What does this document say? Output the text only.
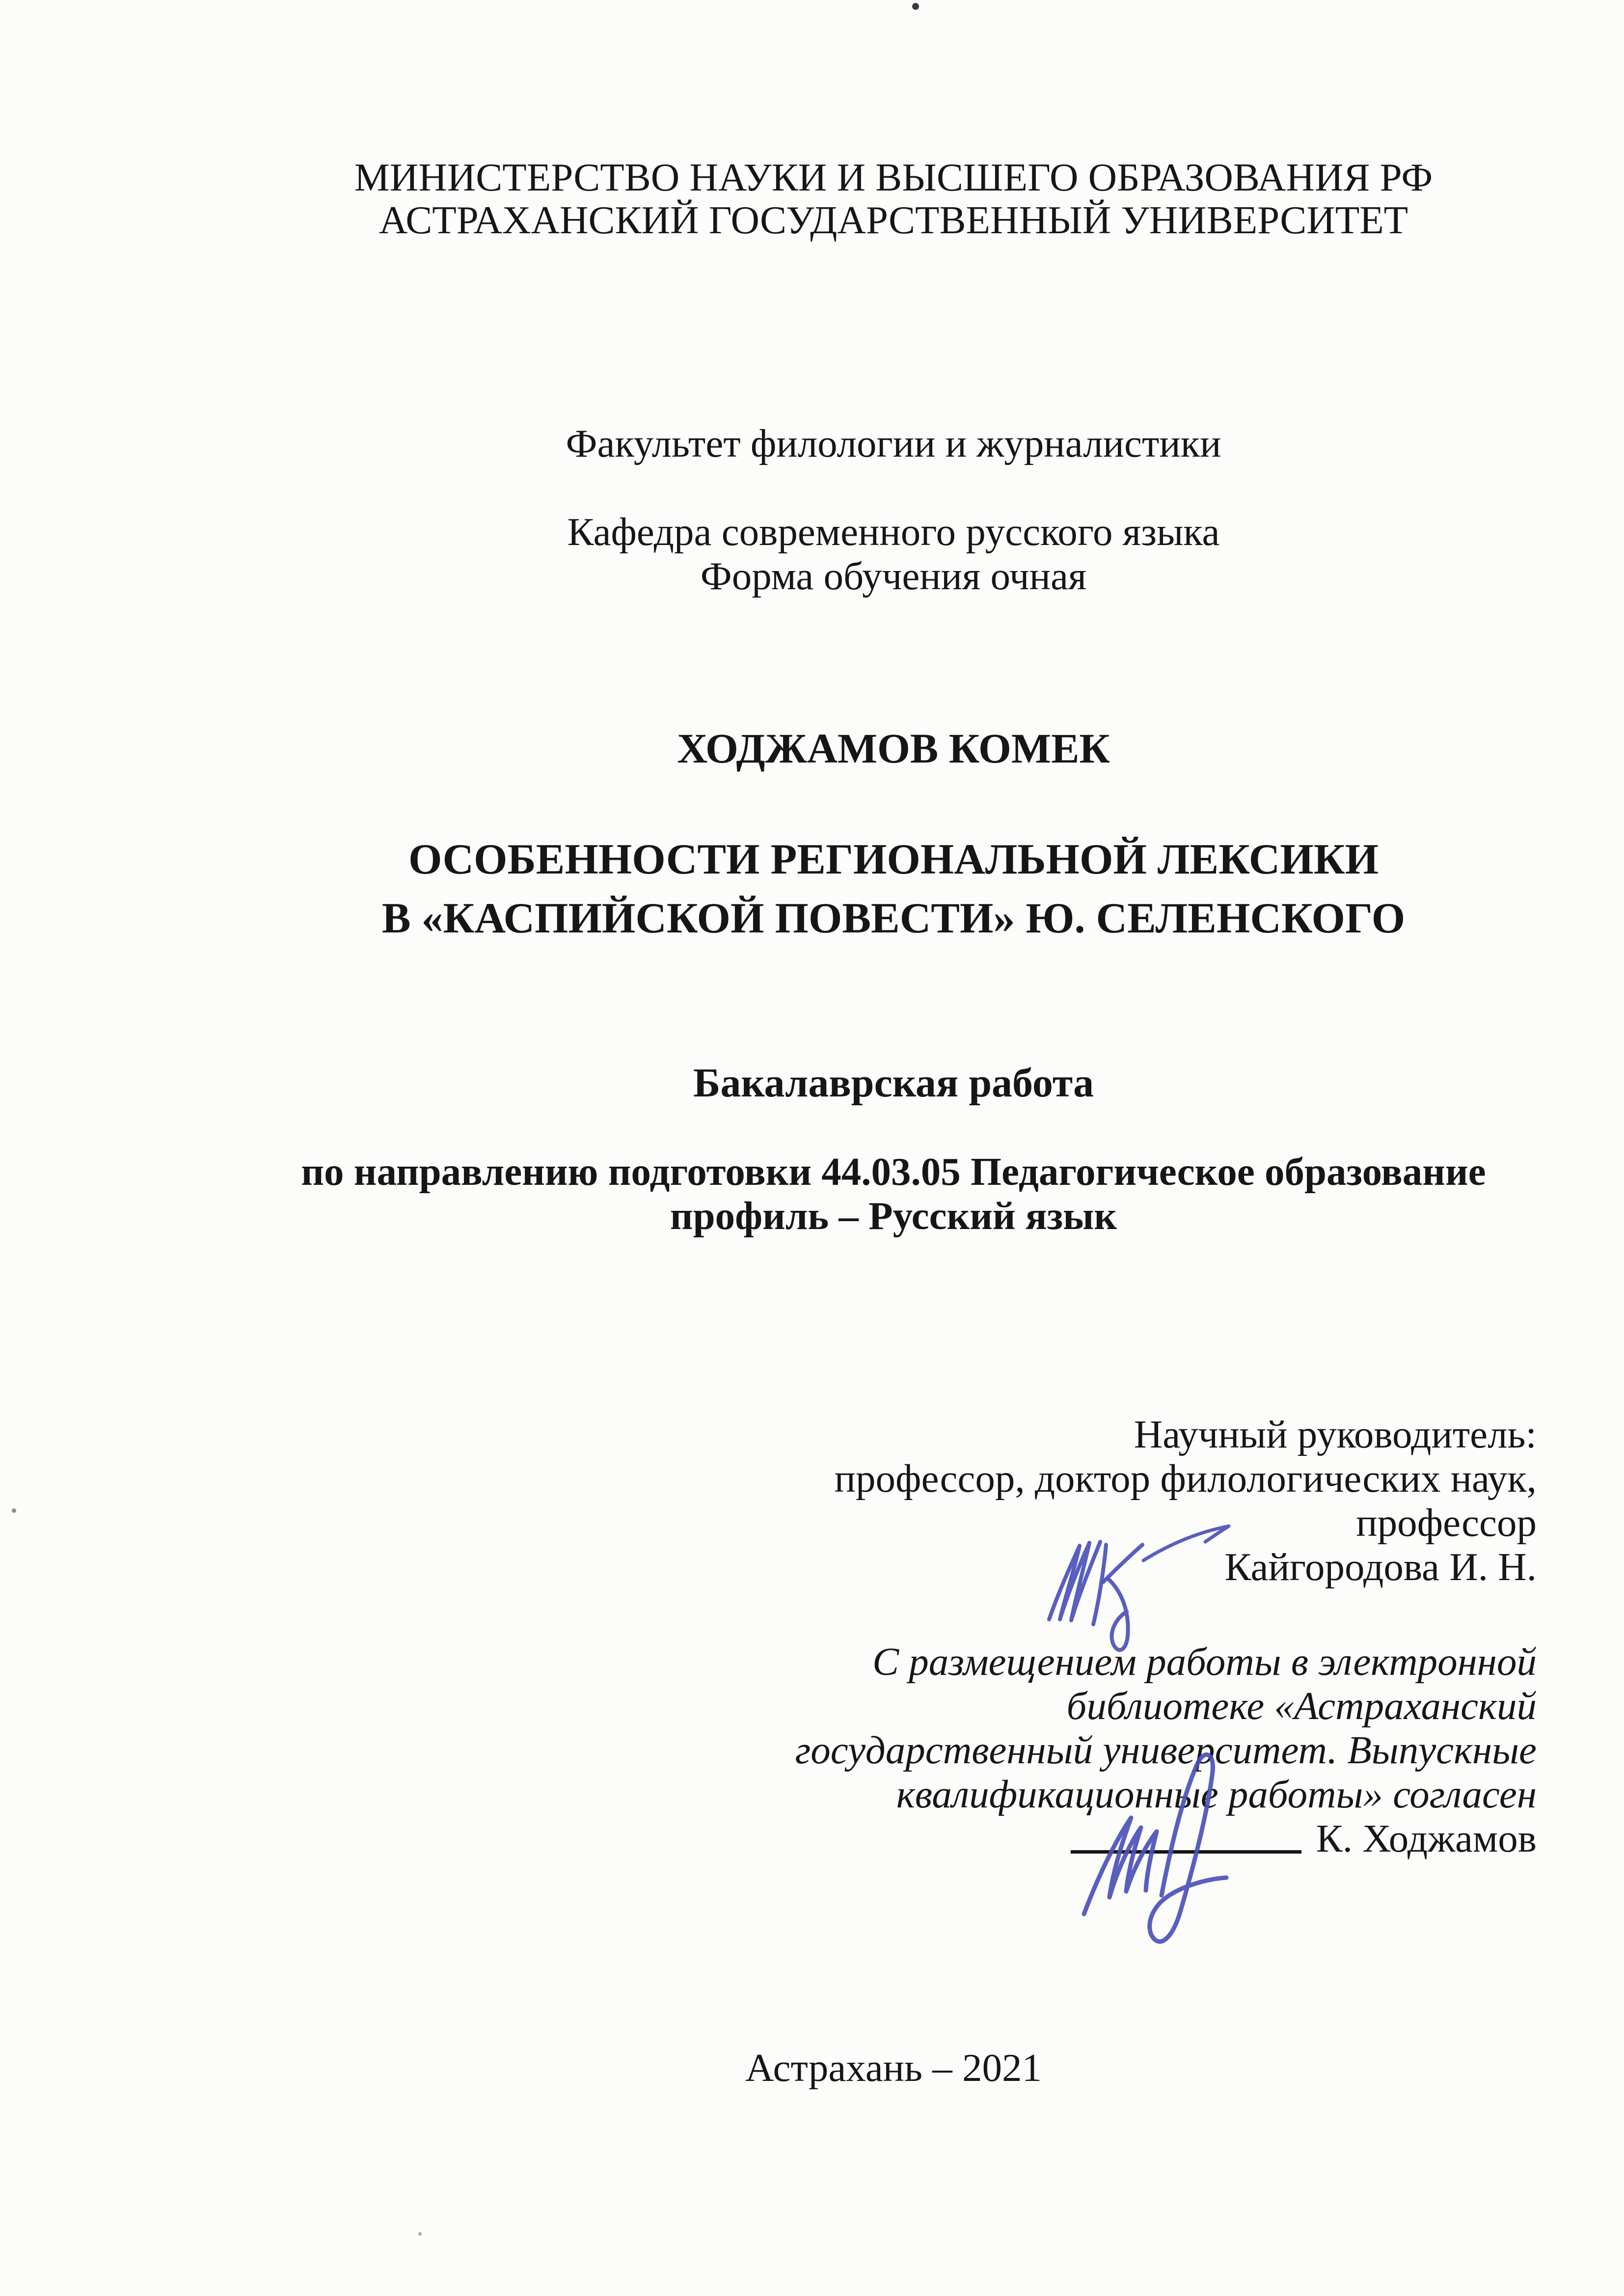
МИНИСТЕРСТВО НАУКИ И ВЫСШЕГО ОБРАЗОВАНИЯ РФ
АСТРАХАНСКИЙ ГОСУДАРСТВЕННЫЙ УНИВЕРСИТЕТ
Факультет филологии и журналистики
Кафедра современного русского языка
Форма обучения очная
ХОДЖАМОВ КОМЕК
ОСОБЕННОСТИ РЕГИОНАЛЬНОЙ ЛЕКСИКИ
В «КАСПИЙСКОЙ ПОВЕСТИ» Ю. СЕЛЕНСКОГО
Бакалаврская работа
по направлению подготовки 44.03.05 Педагогическое образование
профиль – Русский язык
Научный руководитель:
профессор, доктор филологических наук,
профессор
Кайгородова И. Н.
С размещением работы в электронной
библиотеке «Астраханский
государственный университет. Выпускные
квалификационные работы» согласен
К. Ходжамов
Астрахань – 2021
